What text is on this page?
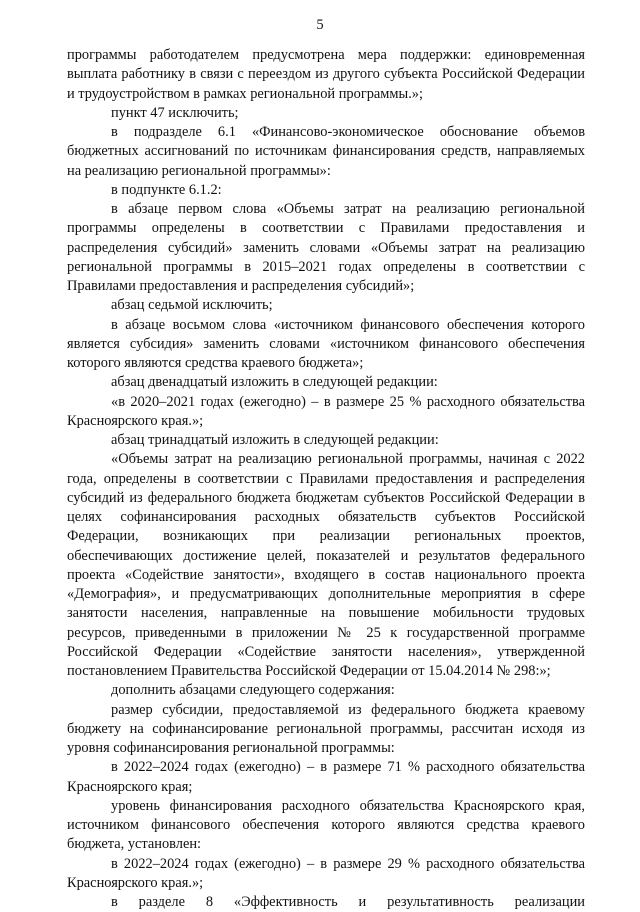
5

программы работодателем предусмотрена мера поддержки: единовременная выплата работнику в связи с переездом из другого субъекта Российской Федерации и трудоустройством в рамках региональной программы.»;

пункт 47 исключить;

в подразделе 6.1 «Финансово-экономическое обоснование объемов бюджетных ассигнований по источникам финансирования средств, направляемых на реализацию региональной программы»:

в подпункте 6.1.2:

в абзаце первом слова «Объемы затрат на реализацию региональной программы определены в соответствии с Правилами предоставления и распределения субсидий» заменить словами «Объемы затрат на реализацию региональной программы в 2015–2021 годах определены в соответствии с Правилами предоставления и распределения субсидий»;

абзац седьмой исключить;

в абзаце восьмом слова «источником финансового обеспечения которого является субсидия» заменить словами «источником финансового обеспечения которого являются средства краевого бюджета»;

абзац двенадцатый изложить в следующей редакции:

«в 2020–2021 годах (ежегодно) – в размере 25 % расходного обязательства Красноярского края.»;

абзац тринадцатый изложить в следующей редакции:

«Объемы затрат на реализацию региональной программы, начиная с 2022 года, определены в соответствии с Правилами предоставления и распределения субсидий из федерального бюджета бюджетам субъектов Российской Федерации в целях софинансирования расходных обязательств субъектов Российской Федерации, возникающих при реализации региональных проектов, обеспечивающих достижение целей, показателей и результатов федерального проекта «Содействие занятости», входящего в состав национального проекта «Демография», и предусматривающих дополнительные мероприятия в сфере занятости населения, направленные на повышение мобильности трудовых ресурсов, приведенными в приложении № 25 к государственной программе Российской Федерации «Содействие занятости населения», утвержденной постановлением Правительства Российской Федерации от 15.04.2014 № 298:»;

дополнить абзацами следующего содержания:

размер субсидии, предоставляемой из федерального бюджета краевому бюджету на софинансирование региональной программы, рассчитан исходя из уровня софинансирования региональной программы:

в 2022–2024 годах (ежегодно) – в размере 71 % расходного обязательства Красноярского края;

уровень финансирования расходного обязательства Красноярского края, источником финансового обеспечения которого являются средства краевого бюджета, установлен:

в 2022–2024 годах (ежегодно) – в размере 29 % расходного обязательства Красноярского края.»;

в разделе 8 «Эффективность и результативность реализации
